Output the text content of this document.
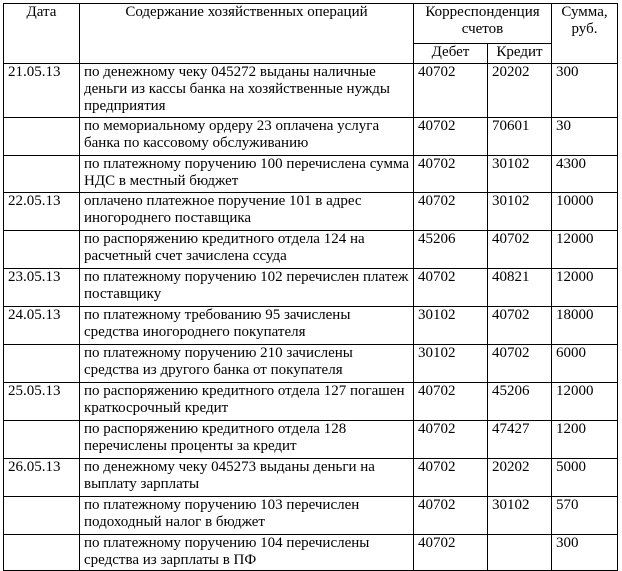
Дата	Содержание хозяйственных операций	Корреспонденция счетов		Сумма, руб.
		Дебет	Кредит	
21.05.13	по денежному чеку 045272 выданы наличные деньги из кассы банка на хозяйственные нужды предприятия	40702	20202	300
	по мемориальному ордеру 23 оплачена услуга банка по кассовому обслуживанию	40702	70601	30
	по платежному поручению 100 перечислена сумма НДС в местный бюджет	40702	30102	4300
22.05.13	оплачено платежное поручение 101 в адрес иногороднего поставщика	40702	30102	10000
	по распоряжению кредитного отдела 124 на расчетный счет зачислена ссуда	45206	40702	12000
23.05.13	по платежному поручению 102 перечислен платеж поставщику	40702	40821	12000
24.05.13	по платежному требованию 95 зачислены средства иногороднего покупателя	30102	40702	18000
	по платежному поручению 210 зачислены средства из другого банка от покупателя	30102	40702	6000
25.05.13	по распоряжению кредитного отдела 127 погашен краткосрочный кредит	40702	45206	12000
	по распоряжению кредитного отдела 128 перечислены проценты за кредит	40702	47427	1200
26.05.13	по денежному чеку 045273 выданы деньги на выплату зарплаты	40702	20202	5000
	по платежному поручению 103 перечислен подоходный налог в бюджет	40702	30102	570
	по платежному поручению 104 перечислены средства из зарплаты в ПФ	40702		300
